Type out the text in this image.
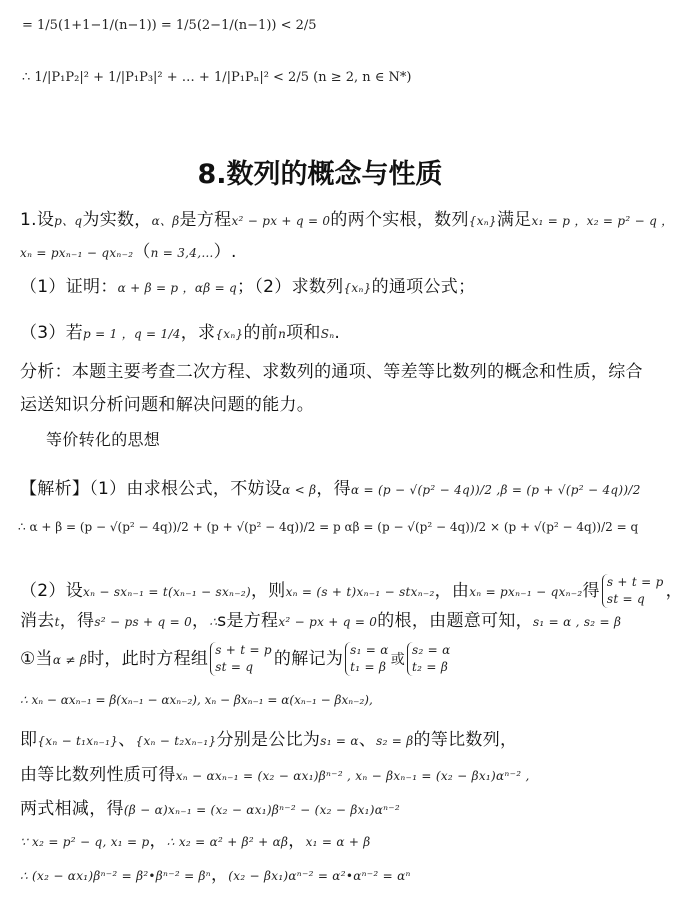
= 1/5(1+1−1/(n−1)) = 1/5(2−1/(n−1)) < 2/5
∴ 1/|P₁P₂|² + 1/|P₁P₃|² + … + 1/|P₁Pₙ|² < 2/5 (n ≥ 2, n ∈ N*)
8.数列的概念与性质
1.设p、q为实数，α、β是方程x² − px + q = 0的两个实根，数列{xₙ}满足x₁ = p ，x₂ = p² − q ，
xₙ = pxₙ₋₁ − qxₙ₋₂（n = 3,4,…）.
（1）证明：α + β = p ，αβ = q；（2）求数列{xₙ}的通项公式；
（3）若p = 1 ，q = 1/4，求{xₙ}的前n项和Sₙ.
分析：本题主要考查二次方程、求数列的通项、等差等比数列的概念和性质，综合
运送知识分析问题和解决问题的能力。
等价转化的思想
【解析】（1）由求根公式，不妨设α < β，得α = (p − √(p² − 4q))/2 ,β = (p + √(p² − 4q))/2
∴ α + β = (p − √(p² − 4q))/2 + (p + √(p² − 4q))/2 = p αβ = (p − √(p² − 4q))/2 × (p + √(p² − 4q))/2 = q
（2）设xₙ − sxₙ₋₁ = t(xₙ₋₁ − sxₙ₋₂)，则xₙ = (s + t)xₙ₋₁ − stxₙ₋₂，由xₙ = pxₙ₋₁ − qxₙ₋₂得 s + t = p
st = q	，
消去t，得s² − ps + q = 0，∴s是方程x² − px + q = 0的根，由题意可知，s₁ = α , s₂ = β
①当α ≠ β时，此时方程组 s + t = p
st = q	的解记为 s₁ = α
t₁ = β 或
s₂ = α
t₂ = β
∴ xₙ − αxₙ₋₁ = β(xₙ₋₁ − αxₙ₋₂), xₙ − βxₙ₋₁ = α(xₙ₋₁ − βxₙ₋₂),
即{xₙ − t₁xₙ₋₁}、{xₙ − t₂xₙ₋₁}分别是公比为s₁ = α、s₂ = β的等比数列，
由等比数列性质可得xₙ − αxₙ₋₁ = (x₂ − αx₁)βⁿ⁻² , xₙ − βxₙ₋₁ = (x₂ − βx₁)αⁿ⁻² ,
两式相减，得(β − α)xₙ₋₁ = (x₂ − αx₁)βⁿ⁻² − (x₂ − βx₁)αⁿ⁻²
∵ x₂ = p² − q, x₁ = p，∴ x₂ = α² + β² + αβ，x₁ = α + β
∴ (x₂ − αx₁)βⁿ⁻² = β²•βⁿ⁻² = βⁿ，(x₂ − βx₁)αⁿ⁻² = α²•αⁿ⁻² = αⁿ
